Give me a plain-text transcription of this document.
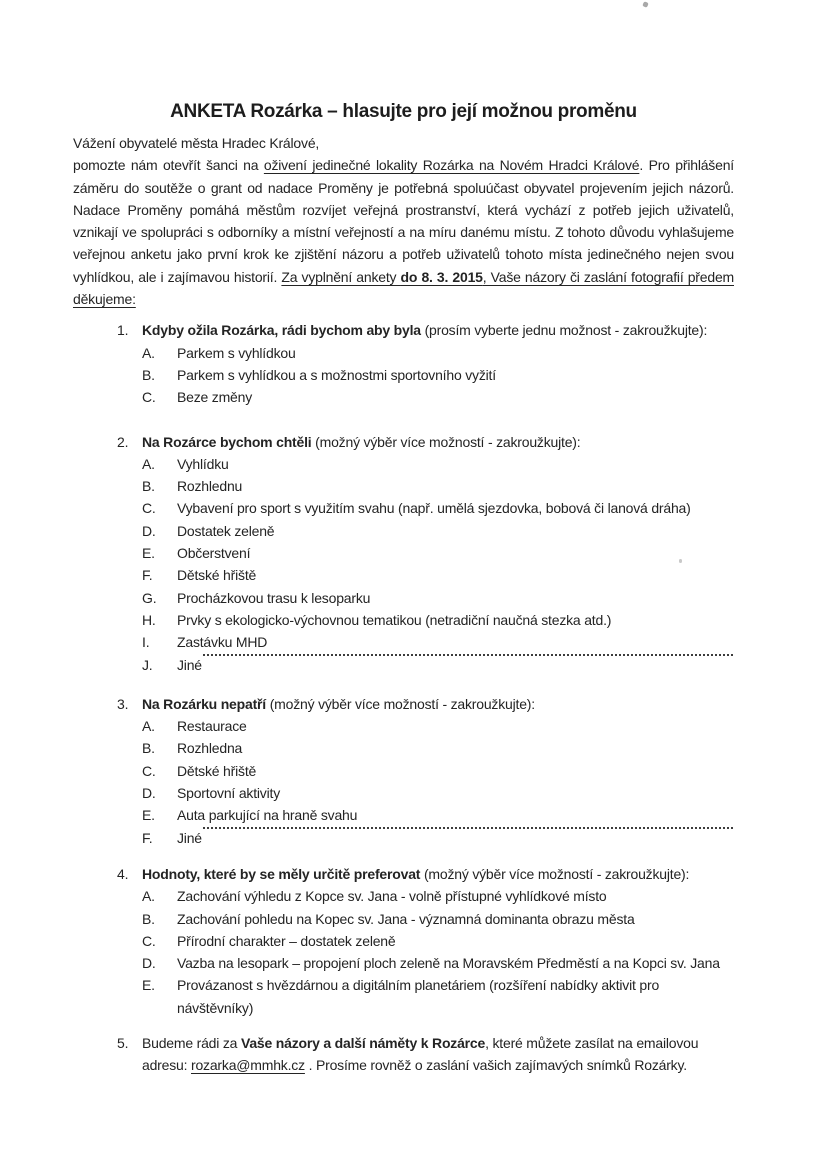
ANKETA Rozárka – hlasujte pro její možnou proměnu
Vážení obyvatelé města Hradec Králové,

pomozte nám otevřít šanci na oživení jedinečné lokality Rozárka na Novém Hradci Králové. Pro přihlášení záměru do soutěže o grant od nadace Proměny je potřebná spoluúčast obyvatel projevením jejich názorů. Nadace Proměny pomáhá městům rozvíjet veřejná prostranství, která vychází z potřeb jejich uživatelů, vznikají ve spolupráci s odborníky a místní veřejností a na míru danému místu. Z tohoto důvodu vyhlašujeme veřejnou anketu jako první krok ke zjištění názoru a potřeb uživatelů tohoto místa jedinečného nejen svou vyhlídkou, ale i zajímavou historií. Za vyplnění ankety do 8. 3. 2015, Vaše názory či zaslání fotografií předem děkujeme:

1. Kdyby ožila Rozárka, rádi bychom aby byla (prosím vyberte jednu možnost - zakroužkujte):
A.	Parkem s vyhlídkou
B.	Parkem s vyhlídkou a s možnostmi sportovního vyžití
C.	Beze změny
2. Na Rozárce bychom chtěli (možný výběr více možností - zakroužkujte):
A.	Vyhlídku
B.	Rozhlednu
C.	Vybavení pro sport s využitím svahu (např. umělá sjezdovka, bobová či lanová dráha)
D.	Dostatek zeleně
E.	Občerstvení
F.	Dětské hřiště
G.	Procházkovou trasu k lesoparku
H.	Prvky s ekologicko-výchovnou tematikou (netradiční naučná stezka atd.)
I.	Zastávku MHD
J.	Jiné
3. Na Rozárku nepatří (možný výběr více možností - zakroužkujte):
A.	Restaurace
B.	Rozhledna
C.	Dětské hřiště
D.	Sportovní aktivity
E.	Auta parkující na hraně svahu
F.	Jiné
4. Hodnoty, které by se měly určitě preferovat (možný výběr více možností - zakroužkujte):
A.	Zachování výhledu z Kopce sv. Jana - volně přístupné vyhlídkové místo
B.	Zachování pohledu na Kopec sv. Jana - významná dominanta obrazu města
C.	Přírodní charakter – dostatek zeleně
D.	Vazba na lesopark – propojení ploch zeleně na Moravském Předměstí a na Kopci sv. Jana
E.	Provázanost s hvězdárnou a digitálním planetáriem (rozšíření nabídky aktivit pro návštěvníky)
5. Budeme rádi za Vaše názory a další náměty k Rozárce, které můžete zasílat na emailovou adresu: rozarka@mmhk.cz . Prosíme rovněž o zaslání vašich zajímavých snímků Rozárky.
